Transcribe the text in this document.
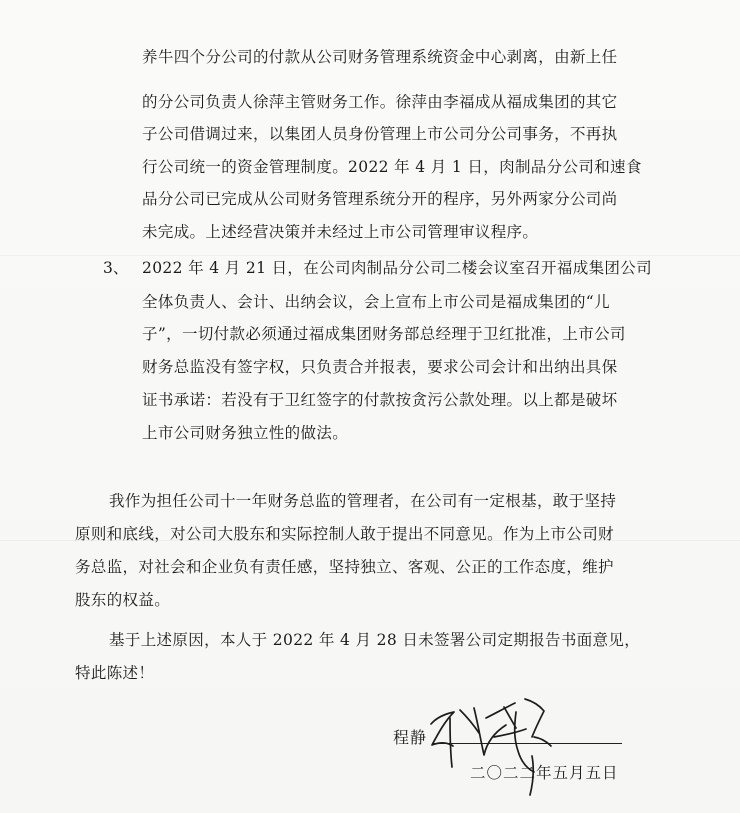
养牛四个分公司的付款从公司财务管理系统资金中心剥离，由新上任
的分公司负责人徐萍主管财务工作。徐萍由李福成从福成集团的其它
子公司借调过来，以集团人员身份管理上市公司分公司事务，不再执
行公司统一的资金管理制度。2022 年 4 月 1 日，肉制品分公司和速食
品分公司已完成从公司财务管理系统分开的程序，另外两家分公司尚
未完成。上述经营决策并未经过上市公司管理审议程序。
3、 2022 年 4 月 21 日，在公司肉制品分公司二楼会议室召开福成集团公司
全体负责人、会计、出纳会议，会上宣布上市公司是福成集团的“儿
子”，一切付款必须通过福成集团财务部总经理于卫红批准，上市公司
财务总监没有签字权，只负责合并报表，要求公司会计和出纳出具保
证书承诺：若没有于卫红签字的付款按贪污公款处理。以上都是破坏
上市公司财务独立性的做法。
我作为担任公司十一年财务总监的管理者，在公司有一定根基，敢于坚持
原则和底线，对公司大股东和实际控制人敢于提出不同意见。作为上市公司财
务总监，对社会和企业负有责任感，坚持独立、客观、公正的工作态度，维护
股东的权益。
基于上述原因，本人于 2022 年 4 月 28 日未签署公司定期报告书面意见，
特此陈述！
程静
二〇二二年五月五日
